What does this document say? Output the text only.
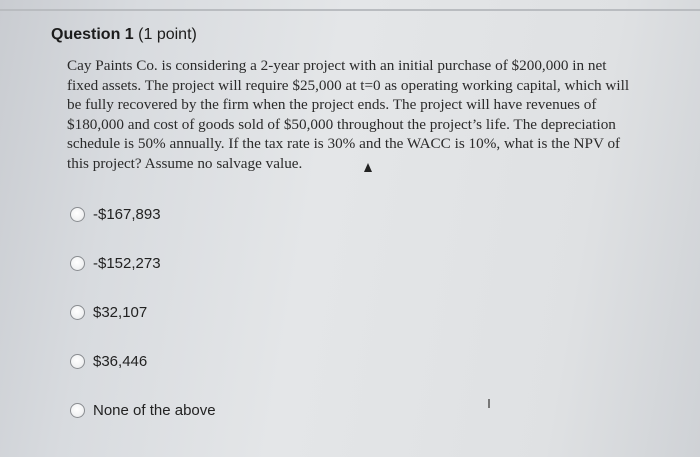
Question 1 (1 point)
Cay Paints Co. is considering a 2-year project with an initial purchase of $200,000 in net
fixed assets. The project will require $25,000 at t=0 as operating working capital, which will
be fully recovered by the firm when the project ends. The project will have revenues of
$180,000 and cost of goods sold of $50,000 throughout the project’s life. The depreciation
schedule is 50% annually. If the tax rate is 30% and the WACC is 10%, what is the NPV of
this project? Assume no salvage value.
-$167,893
-$152,273
$32,107
$36,446
None of the above
